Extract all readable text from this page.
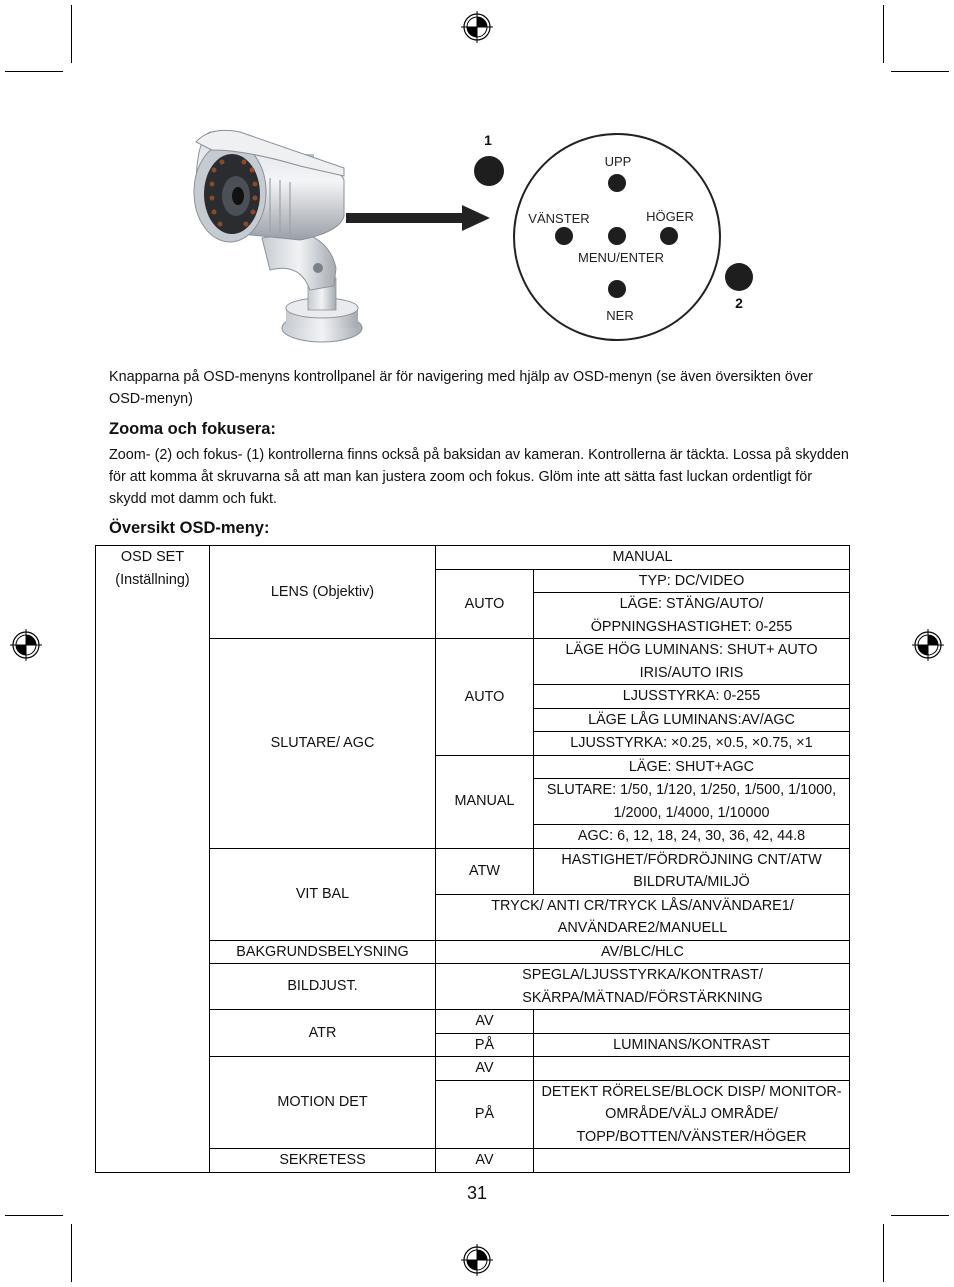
UPP
VÄNSTER	HÖGER
MENU/ENTER
NER
1
2
Knapparna på OSD-menyns kontrollpanel är för navigering med hjälp av OSD-menyn (se även översikten över OSD-menyn)
Zooma och fokusera:
Zoom- (2) och fokus- (1) kontrollerna finns också på baksidan av kameran. Kontrollerna är täckta. Lossa på skydden för att komma åt skruvarna så att man kan justera zoom och fokus. Glöm inte att sätta fast luckan ordentligt för skydd mot damm och fukt.
Översikt OSD-meny:
OSD SET (Inställning)	LENS (Objektiv)	MANUAL	
		AUTO	TYP: DC/VIDEO
			LÄGE: STÄNG/AUTO/ ÖPPNINGSHASTIGHET: 0-255

	SLUTARE/ AGC	AUTO	LÄGE HÖG LUMINANS: SHUT+ AUTO IRIS/AUTO IRIS

			LJUSSTYRKA: 0-255
			LÄGE LÅG LUMINANS:AV/AGC
			LJUSSTYRKA: ×0.25, ×0.5, ×0.75, ×1
		MANUAL	LÄGE: SHUT+AGC
			SLUTARE: 1/50, 1/120, 1/250, 1/500, 1/1000, 1/2000, 1/4000, 1/10000

			AGC: 6, 12, 18, 24, 30, 36, 42, 44.8
	VIT BAL	ATW	HASTIGHET/FÖRDRÖJNING CNT/ATW BILDRUTA/MILJÖ

		TRYCK/ ANTI CR/TRYCK LÅS/ANVÄNDARE1/ ANVÄNDARE2/MANUELL	

	BAKGRUNDSBELYSNING	AV/BLC/HLC	
	BILDJUST.	SPEGLA/LJUSSTYRKA/KONTRAST/ SKÄRPA/MÄTNAD/FÖRSTÄRKNING	

	ATR	AV	
		PÅ	LUMINANS/KONTRAST
	MOTION DET	AV	
		PÅ	DETEKT RÖRELSE/BLOCK DISP/ MONITOR-OMRÅDE/VÄLJ OMRÅDE/ TOPP/BOTTEN/VÄNSTER/HÖGER

	SEKRETESS	AV	
31
